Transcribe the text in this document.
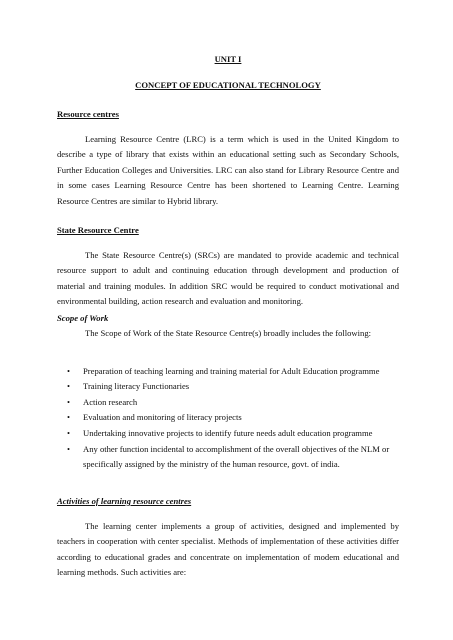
UNIT I
CONCEPT OF EDUCATIONAL TECHNOLOGY
Resource centres

Learning Resource Centre (LRC) is a term which is used in the United Kingdom to describe a type of library that exists within an educational setting such as Secondary Schools, Further Education Colleges and Universities. LRC can also stand for Library Resource Centre and in some cases Learning Resource Centre has been shortened to Learning Centre. Learning Resource Centres are similar to Hybrid library.

State Resource Centre

The State Resource Centre(s) (SRCs) are mandated to provide academic and technical resource support to adult and continuing education through development and production of material and training modules. In addition SRC would be required to conduct motivational and environmental building, action research and evaluation and monitoring.

Scope of Work

The Scope of Work of the State Resource Centre(s) broadly includes the following:

• Preparation of teaching learning and training material for Adult Education programme
• Training literacy Functionaries
• Action research
• Evaluation and monitoring of literacy projects
• Undertaking innovative projects to identify future needs adult education programme
• Any other function incidental to accomplishment of the overall objectives of the NLM or specifically assigned by the ministry of the human resource, govt. of india.
Activities of learning resource centres

The learning center implements a group of activities, designed and implemented by teachers in cooperation with center specialist. Methods of implementation of these activities differ according to educational grades and concentrate on implementation of modem educational and learning methods. Such activities are:
